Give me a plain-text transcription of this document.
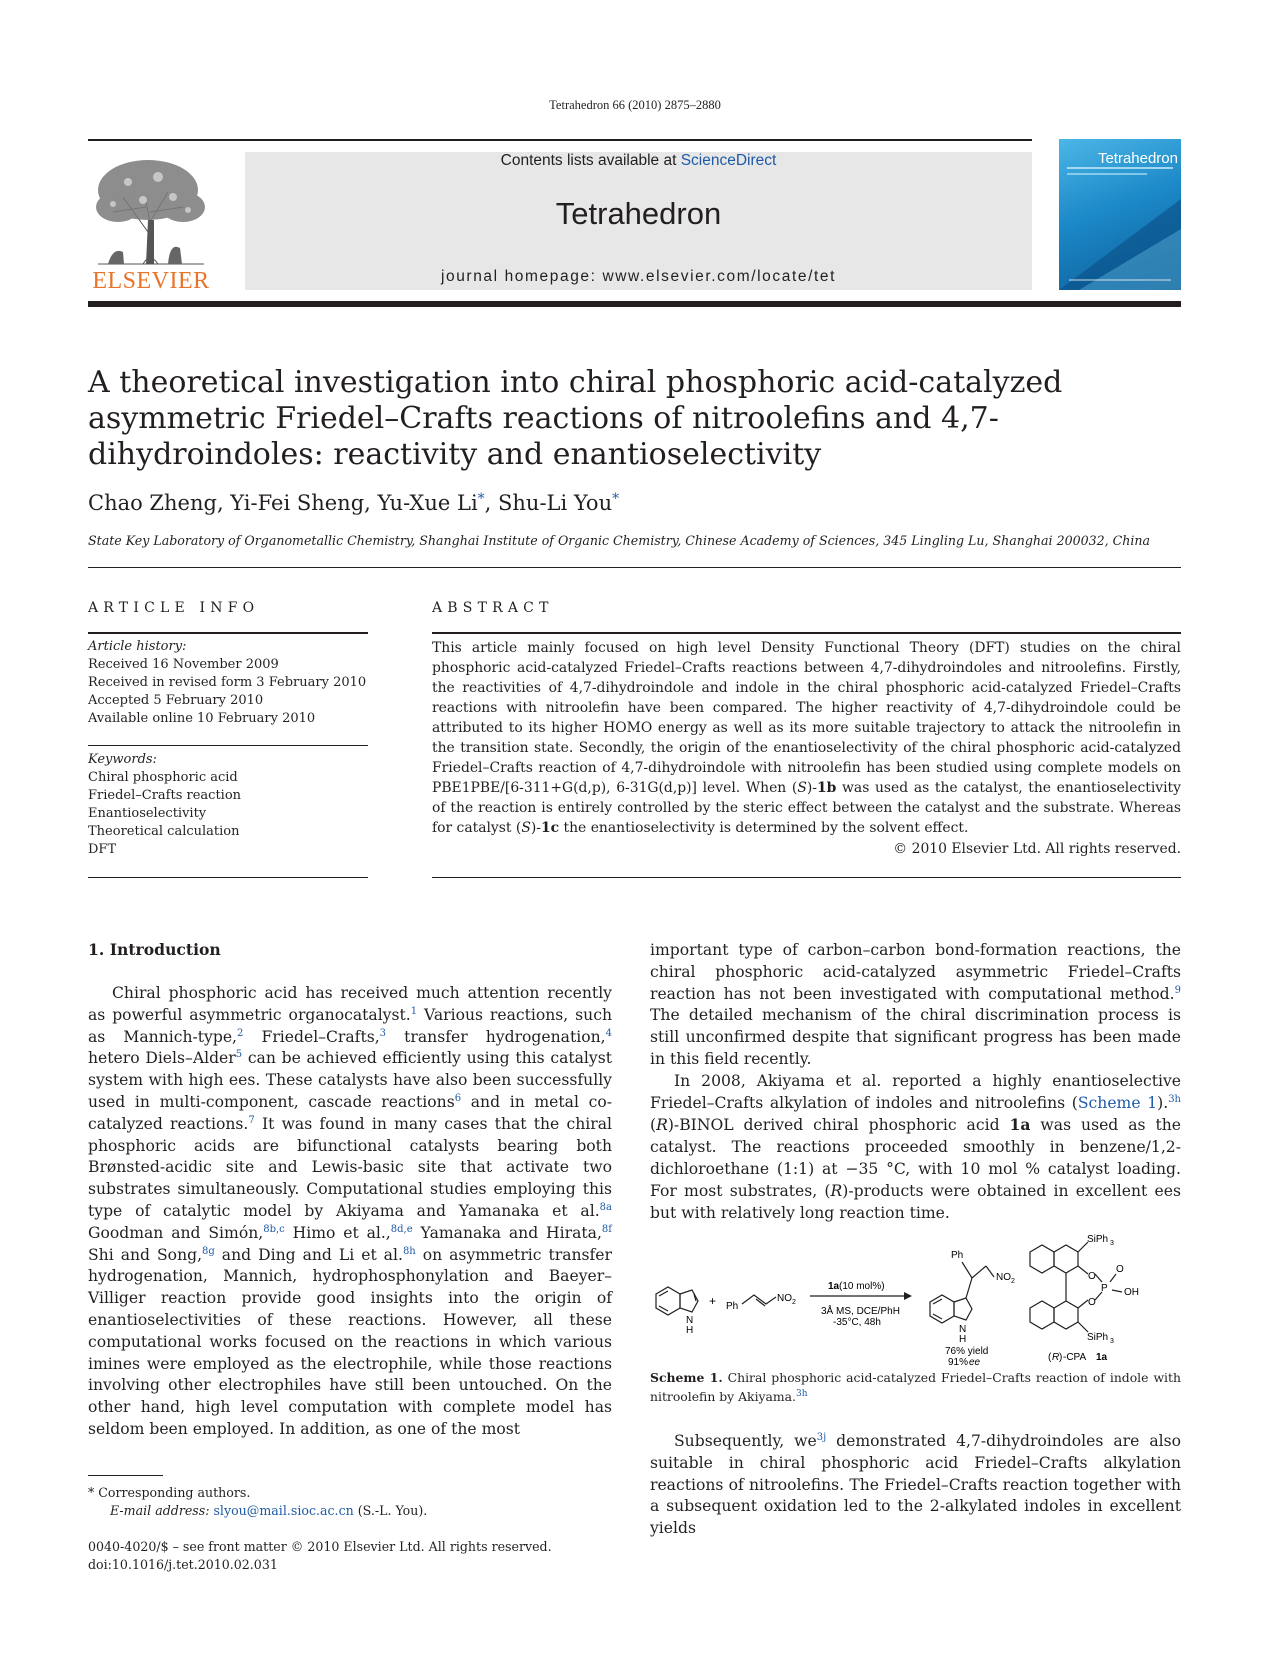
Tetrahedron 66 (2010) 2875–2880
ELSEVIER
Contents lists available at ScienceDirect
Tetrahedron
journal homepage: www.elsevier.com/locate/tet
Tetrahedron
A theoretical investigation into chiral phosphoric acid-catalyzed asymmetric Friedel–Crafts reactions of nitroolefins and 4,7-dihydroindoles: reactivity and enantioselectivity
Chao Zheng, Yi-Fei Sheng, Yu-Xue Li*, Shu-Li You*
State Key Laboratory of Organometallic Chemistry, Shanghai Institute of Organic Chemistry, Chinese Academy of Sciences, 345 Lingling Lu, Shanghai 200032, China
ARTICLE INFO	ABSTRACT
Article history:
Received 16 November 2009
Received in revised form 3 February 2010
Accepted 5 February 2010
Available online 10 February 2010
Keywords:
Chiral phosphoric acid
Friedel–Crafts reaction
Enantioselectivity
Theoretical calculation
DFT
This article mainly focused on high level Density Functional Theory (DFT) studies on the chiral phosphoric acid-catalyzed Friedel–Crafts reactions between 4,7-dihydroindoles and nitroolefins. Firstly, the reactivities of 4,7-dihydroindole and indole in the chiral phosphoric acid-catalyzed Friedel–Crafts reactions with nitroolefin have been compared. The higher reactivity of 4,7-dihydroindole could be attributed to its higher HOMO energy as well as its more suitable trajectory to attack the nitroolefin in the transition state. Secondly, the origin of the enantioselectivity of the chiral phosphoric acid-catalyzed Friedel–Crafts reaction of 4,7-dihydroindole with nitroolefin has been studied using complete models on PBE1PBE/[6-311+G(d,p), 6-31G(d,p)] level. When (S)-1b was used as the catalyst, the enantioselectivity of the reaction is entirely controlled by the steric effect between the catalyst and the substrate. Whereas for catalyst (S)-1c the enantioselectivity is determined by the solvent effect.
© 2010 Elsevier Ltd. All rights reserved.
1. Introduction

Chiral phosphoric acid has received much attention recently as powerful asymmetric organocatalyst.$^1$ Various reactions, such as Mannich-type,$^2$ Friedel–Crafts,$^3$ transfer hydrogenation,$^4$ hetero Diels–Alder$^5$ can be achieved efficiently using this catalyst system with high ees. These catalysts have also been successfully used in multi-component, cascade reactions$^6$ and in metal co-catalyzed reactions.$^7$ It was found in many cases that the chiral phosphoric acids are bifunctional catalysts bearing both Brønsted-acidic site and Lewis-basic site that activate two substrates simultaneously. Computational studies employing this type of catalytic model by Akiyama and Yamanaka et al.$^{8a}$ Goodman and Simón,$^{8b,c}$ Himo et al.,$^{8d,e}$ Yamanaka and Hirata,$^{8f}$ Shi and Song,$^{8g}$ and Ding and Li et al.$^{8h}$ on asymmetric transfer hydrogenation, Mannich, hydrophosphonylation and Baeyer–Villiger reaction provide good insights into the origin of enantioselectivities of these reactions. However, all these computational works focused on the reactions in which various imines were employed as the electrophile, while those reactions involving other electrophiles have still been untouched. On the other hand, high level computation with complete model has seldom been employed. In addition, as one of the most

important type of carbon–carbon bond-formation reactions, the chiral phosphoric acid-catalyzed asymmetric Friedel–Crafts reaction has not been investigated with computational method.$^9$ The detailed mechanism of the chiral discrimination process is still unconfirmed despite that significant progress has been made in this field recently.

In 2008, Akiyama et al. reported a highly enantioselective Friedel–Crafts alkylation of indoles and nitroolefins (Scheme 1).$^{3h}$ (R)-BINOL derived chiral phosphoric acid 1a was used as the catalyst. The reactions proceeded smoothly in benzene/1,2-dichloroethane (1:1) at −35 °C, with 10 mol % catalyst loading. For most substrates, (R)-products were obtained in excellent ees but with relatively long reaction time.

N
H
+ Ph
NO 2
1a (10 mol%)
3Å MS, DCE/PhH
-35°C, 48h
Ph
NO 2
N
H
76% yield
91% ee
SiPh 3
O
O
P
O
OH
SiPh 3
( R ) -CPA 1a
Scheme 1. Chiral phosphoric acid-catalyzed Friedel–Crafts reaction of indole with nitroolefin by Akiyama.$^{3h}$

Subsequently, we$^{3j}$ demonstrated 4,7-dihydroindoles are also suitable in chiral phosphoric acid Friedel–Crafts alkylation reactions of nitroolefins. The Friedel–Crafts reaction together with a subsequent oxidation led to the 2-alkylated indoles in excellent yields

* Corresponding authors.
E-mail address: slyou@mail.sioc.ac.cn (S.-L. You).
0040-4020/$ – see front matter © 2010 Elsevier Ltd. All rights reserved.
doi:10.1016/j.tet.2010.02.031
